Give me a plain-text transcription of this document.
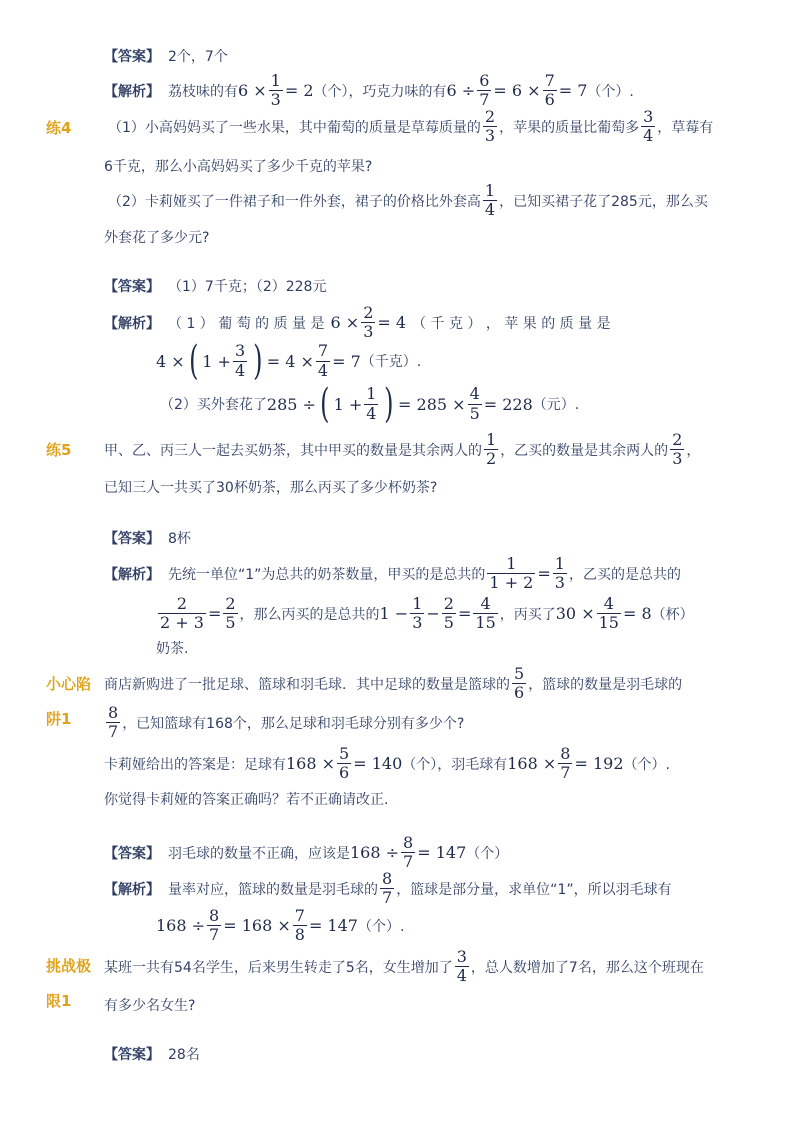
【答案】 2个，7个
【解析】 荔枝味的有 $6 \times \frac{1}{3} = 2$ （个），巧克力味的有 $6 \div \frac{6}{7} = 6 \times \frac{7}{6} = 7$ （个）.
练4	（1）小高妈妈买了一些水果，其中葡萄的质量是草莓质量的 $\frac{2}{3}$ ，苹果的质量比葡萄多 $\frac{3}{4}$ ，草莓有
6千克，那么小高妈妈买了多少千克的苹果?
（2）卡莉娅买了一件裙子和一件外套，裙子的价格比外套高 $\frac{1}{4}$ ，已知买裙子花了285元，那么买
外套花了多少元?
【答案】 （1）7千克；（2）228元
【解析】 （ 1 ） 葡 萄 的 质 量 是 $6 \times \frac{2}{3} = 4$ （ 千 克 ） ， 苹 果 的 质 量 是
4 × ( $1 + \frac{3}{4}$ ) = $4 \times \frac{7}{4} = 7$ （千克）.
（2）买外套花了 285 ÷ ( $1 + \frac{1}{4}$ ) = $285 \times \frac{4}{5} = 228$ （元）.
练5	甲、乙、丙三人一起去买奶茶，其中甲买的数量是其余两人的 $\frac{1}{2}$ ，乙买的数量是其余两人的 $\frac{2}{3}$ ，
已知三人一共买了30杯奶茶，那么丙买了多少杯奶茶?
【答案】 8杯
【解析】 先统一单位“1”为总共的奶茶数量，甲买的是总共的 $\frac{1}{1 + 2} = \frac{1}{3}$ ，乙买的是总共的
$\frac{2}{2 + 3} = \frac{2}{5}$ ，那么丙买的是总共的 $1 - \frac{1}{3} - \frac{2}{5} = \frac{4}{15}$ ，丙买了 $30 \times \frac{4}{15} = 8$ （杯）
奶茶.
小心陷
阱1
商店新购进了一批足球、篮球和羽毛球．其中足球的数量是篮球的 $\frac{5}{6}$ ，篮球的数量是羽毛球的
$\frac{8}{7}$ ，已知篮球有168个，那么足球和羽毛球分别有多少个?
卡莉娅给出的答案是：足球有 $168 \times \frac{5}{6} = 140$ （个），羽毛球有 $168 \times \frac{8}{7} = 192$ （个）.
你觉得卡莉娅的答案正确吗？若不正确请改正.
【答案】 羽毛球的数量不正确，应该是 $168 \div \frac{8}{7} = 147$ （个）
【解析】 量率对应，篮球的数量是羽毛球的 $\frac{8}{7}$ ，篮球是部分量，求单位“1”，所以羽毛球有
$168 \div \frac{8}{7} = 168 \times \frac{7}{8} = 147$ （个）.
挑战极
限1
某班一共有54名学生，后来男生转走了5名，女生增加了 $\frac{3}{4}$ ，总人数增加了7名，那么这个班现在
有多少名女生?
【答案】 28名
